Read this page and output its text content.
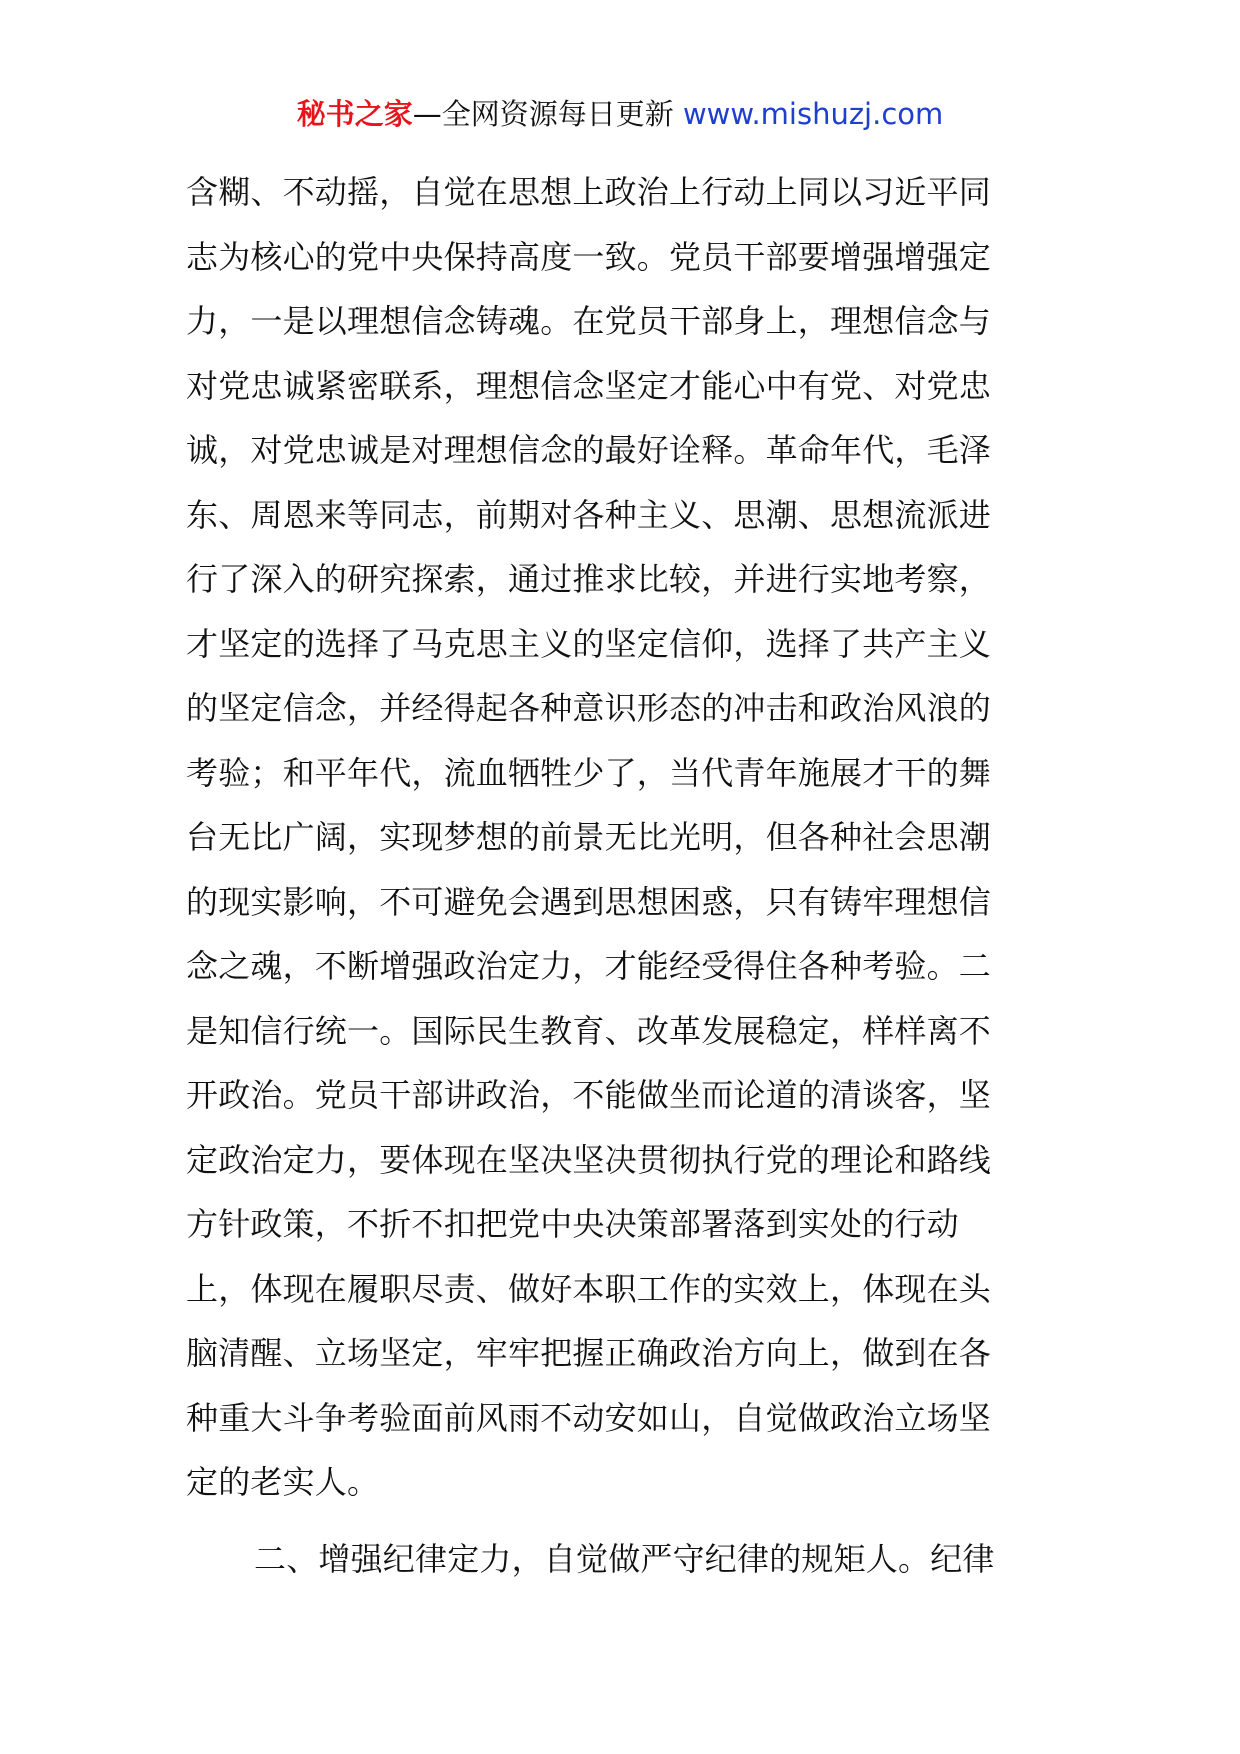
秘书之家—全网资源每日更新 www.mishuzj.com
含糊、不动摇，自觉在思想上政治上行动上同以习近平同
志为核心的党中央保持高度一致。党员干部要增强增强定
力，一是以理想信念铸魂。在党员干部身上，理想信念与
对党忠诚紧密联系，理想信念坚定才能心中有党、对党忠
诚，对党忠诚是对理想信念的最好诠释。革命年代，毛泽
东、周恩来等同志，前期对各种主义、思潮、思想流派进
行了深入的研究探索，通过推求比较，并进行实地考察，
才坚定的选择了马克思主义的坚定信仰，选择了共产主义
的坚定信念，并经得起各种意识形态的冲击和政治风浪的
考验；和平年代，流血牺牲少了，当代青年施展才干的舞
台无比广阔，实现梦想的前景无比光明，但各种社会思潮
的现实影响，不可避免会遇到思想困惑，只有铸牢理想信
念之魂，不断增强政治定力，才能经受得住各种考验。二
是知信行统一。国际民生教育、改革发展稳定，样样离不
开政治。党员干部讲政治，不能做坐而论道的清谈客，坚
定政治定力，要体现在坚决坚决贯彻执行党的理论和路线
方针政策，不折不扣把党中央决策部署落到实处的行动
上，体现在履职尽责、做好本职工作的实效上，体现在头
脑清醒、立场坚定，牢牢把握正确政治方向上，做到在各
种重大斗争考验面前风雨不动安如山，自觉做政治立场坚
定的老实人。
二、增强纪律定力，自觉做严守纪律的规矩人。纪律
